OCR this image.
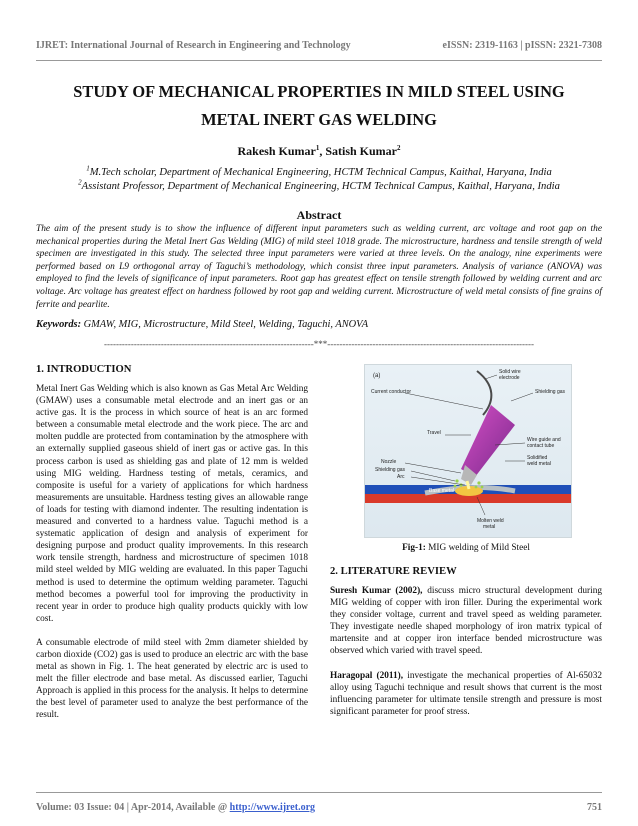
IJRET: International Journal of Research in Engineering and Technology	eISSN: 2319-1163 | pISSN: 2321-7308
STUDY OF MECHANICAL PROPERTIES IN MILD STEEL USING
METAL INERT GAS WELDING
Rakesh Kumar$^1$, Satish Kumar$^2$
$^1$M.Tech scholar, Department of Mechanical Engineering, HCTM Technical Campus, Kaithal, Haryana, India
$^2$Assistant Professor, Department of Mechanical Engineering, HCTM Technical Campus, Kaithal, Haryana, India
Abstract
The aim of the present study is to show the influence of different input parameters such as welding current, arc voltage and root gap on the mechanical properties during the Metal Inert Gas Welding (MIG) of mild steel 1018 grade. The microstructure, hardness and tensile strength of weld specimen are investigated in this study. The selected three input parameters were varied at three levels. On the analogy, nine experiments were performed based on L9 orthogonal array of Taguchi’s methodology, which consist three input parameters. Analysis of variance (ANOVA) was employed to find the levels of significance of input parameters. Root gap has greatest effect on tensile strength followed by welding current and arc voltage. Arc voltage has greatest effect on hardness followed by root gap and welding current. Microstructure of weld metal consists of fine grains of ferrite and pearlite.
Keywords: GMAW, MIG, Microstructure, Mild Steel, Welding, Taguchi, ANOVA
----------------------------------------------------------------------***---------------------------------------------------------------------
1. INTRODUCTION

Metal Inert Gas Welding which is also known as Gas Metal Arc Welding (GMAW) uses a consumable metal electrode and an inert gas or an active gas. It is the process in which source of heat is an arc formed between a consumable metal electrode and the work piece. The arc and molten puddle are protected from contamination by the atmosphere with an externally supplied gaseous shield of inert gas or active gas. In this process carbon is used as shielding gas and plate of 12 mm is welded using MIG welding. Hardness testing of metals, ceramics, and composite is useful for a variety of applications for which hardness measurements are unsuitable. Hardness testing gives an allowable range of loads for testing with diamond indenter. The resulting indentation is measured and converted to a hardness value. Taguchi method is a systematic application of design and analysis of experiment for designing purpose and product quality improvements. In this research work tensile strength, hardness and microstructure of specimen 1018 mild steel welded by MIG welding are evaluated. In this paper Taguchi method is used to determine the optimum welding parameter. Taguchi method becomes a powerful tool for improving the productivity in recent year in order to produce high quality products quickly with low cost.

A consumable electrode of mild steel with 2mm diameter shielded by carbon dioxide (CO2) gas is used to produce an electric arc with the base metal as shown in Fig. 1. The heat generated by electric arc is used to melt the filler electrode and base metal. As discussed earlier, Taguchi Approach is applied in this process for the analysis. It helps to determine the best level of parameter used to analyze the best performance of the result.

(a)
Solid wire
electrode
Current conductor	Shielding gas
Travel
Wire guide and
contact tube
Nozzle
Shielding gas
Arc
Solidified
weld metal
Base metal
Molten weld
metal
Fig-1: MIG welding of Mild Steel
2. LITERATURE REVIEW

Suresh Kumar (2002), discuss micro structural development during MIG welding of copper with iron filler. During the experimental work they consider voltage, current and travel speed as welding parameter. They investigate needle shaped morphology of iron matrix typical of martensite and at copper iron interface bended microstructure was observed which varied with travel speed.

Haragopal (2011), investigate the mechanical properties of Al-65032 alloy using Taguchi technique and result shows that current is the most influencing parameter for ultimate tensile strength and pressure is most significant parameter for proof stress.

Volume: 03 Issue: 04 | Apr-2014, Available @ http://www.ijret.org	751
